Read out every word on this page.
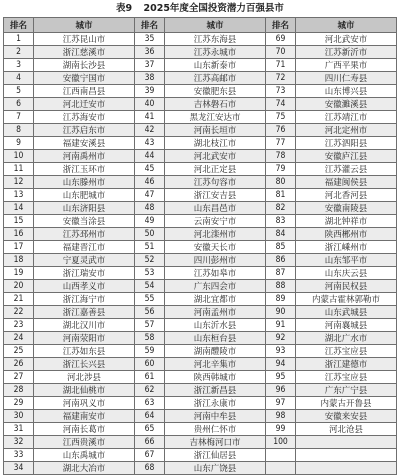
表9 2025年度全国投资潜力百强县市
排名	城市	排名	城市	排名	城市
1	江苏昆山市	35	江苏东海县	69	河北武安市
2	浙江慈溪市	36	江苏永城市	70	江苏新沂市
3	湖南长沙县	37	山东新泰市	71	广西平果市
4	安徽宁国市	38	江苏高邮市	72	四川仁寿县
5	江西南昌县	39	安徽肥东县	73	山东博兴县
6	河北迁安市	40	吉林磐石市	74	安徽濉溪县
7	江苏海安市	41	黑龙江安达市	75	江苏靖江市
8	江苏启东市	42	河南长垣市	76	河北定州市
9	福建安溪县	43	湖北枝江市	77	江苏泗阳县
10	河南禹州市	44	河北武安市	78	安徽庐江县
11	浙江玉环市	45	河北正定县	79	江苏灌云县
12	山东滕州市	46	江苏句容市	80	福建闽侯县
13	山东肥城市	47	浙江安吉县	81	河北香河县
14	山东济阳县	48	山东昌邑市	82	安徽南陵县
15	安徽当涂县	49	云南安宁市	83	湖北钟祥市
16	江苏邳州市	50	河北滦州市	84	陕西郴州市
17	福建晋江市	51	安徽天长市	85	浙江嵊州市
18	宁夏灵武市	52	四川彭州市	86	山东邹平市
19	浙江瑞安市	53	江苏如皋市	87	山东庆云县
20	山西孝义市	54	广东四会市	88	河南民权县
21	浙江海宁市	55	湖北宜都市	89	内蒙古霍林郭勒市
22	浙江嘉善县	56	河南孟州市	90	山东武城县
23	湖北汉川市	57	山东沂水县	91	河南襄城县
24	河南荥阳市	58	山东桓台县	92	湖北广水市
25	江苏如东县	59	湖南醴陵市	93	江苏宝应县
26	浙江长兴县	60	河北辛集市	94	浙江建德市
27	河北涉县	61	陕西韩城市	95	江苏宝应县
28	湖北仙桃市	62	浙江新昌县	96	广东广宁县
29	河南巩义市	63	浙江永康市	97	内蒙古开鲁县
30	福建南安市	64	河南中牟县	98	安徽来安县
31	河南长葛市	65	贵州仁怀市	99	河北沧县
32	江西贵溪市	66	吉林梅河口市	100	
33	山东禹城市	67	浙江仙居县		
34	湖北大冶市	68	山东广饶县		
